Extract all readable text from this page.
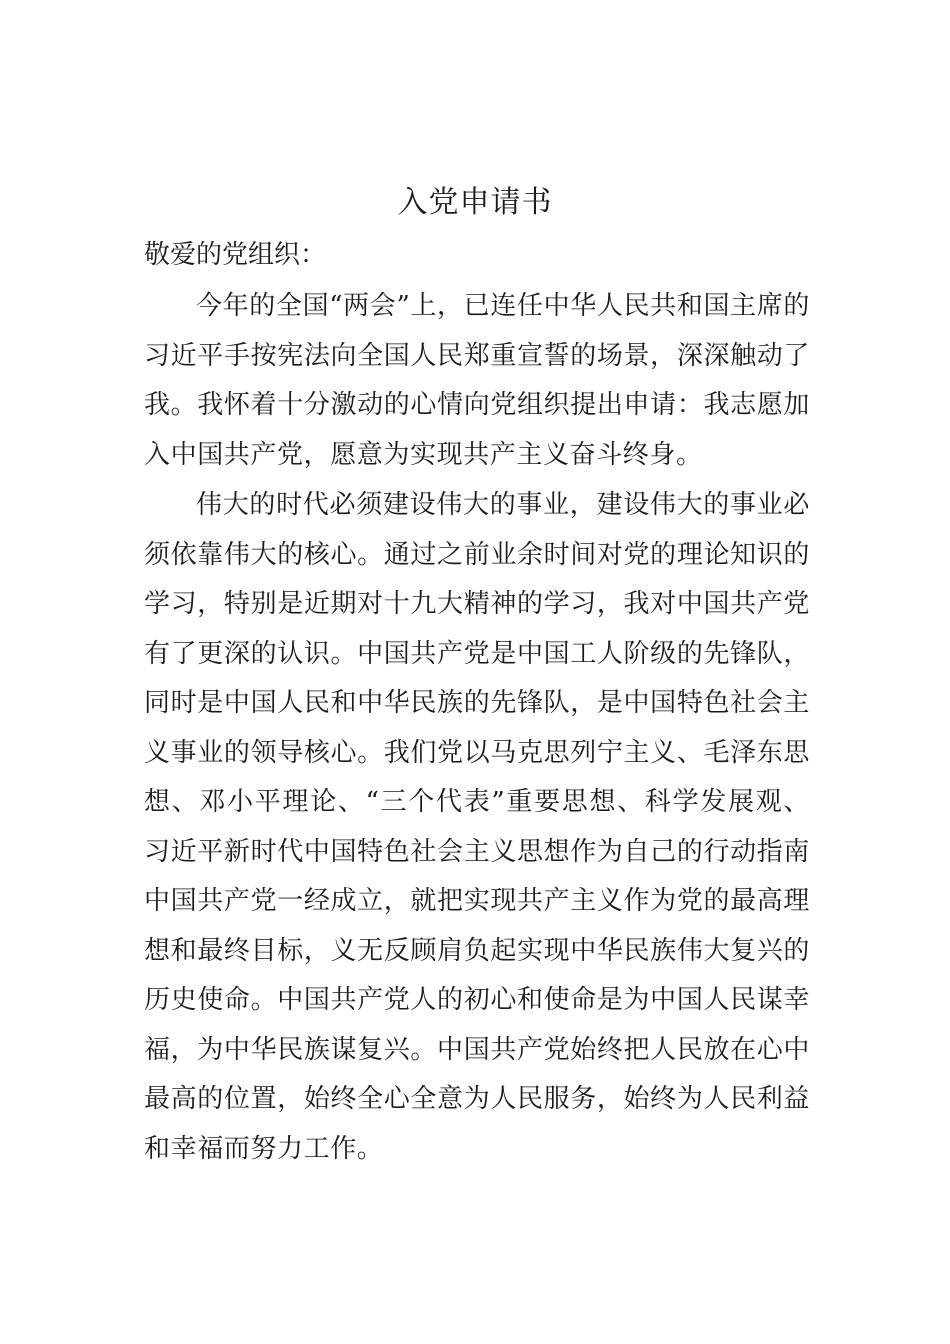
入党申请书
敬爱的党组织：
今年的全国“两会”上，已连任中华人民共和国主席的习近平手按宪法向全国人民郑重宣誓的场景，深深触动了我。我怀着十分激动的心情向党组织提出申请：我志愿加入中国共产党，愿意为实现共产主义奋斗终身。
伟大的时代必须建设伟大的事业，建设伟大的事业必须依靠伟大的核心。通过之前业余时间对党的理论知识的学习，特别是近期对十九大精神的学习，我对中国共产党有了更深的认识。中国共产党是中国工人阶级的先锋队，同时是中国人民和中华民族的先锋队，是中国特色社会主义事业的领导核心。我们党以马克思列宁主义、毛泽东思想、邓小平理论、“三个代表”重要思想、科学发展观、习近平新时代中国特色社会主义思想作为自己的行动指南中国共产党一经成立，就把实现共产主义作为党的最高理想和最终目标，义无反顾肩负起实现中华民族伟大复兴的历史使命。中国共产党人的初心和使命是为中国人民谋幸福，为中华民族谋复兴。中国共产党始终把人民放在心中最高的位置，始终全心全意为人民服务，始终为人民利益和幸福而努力工作。
